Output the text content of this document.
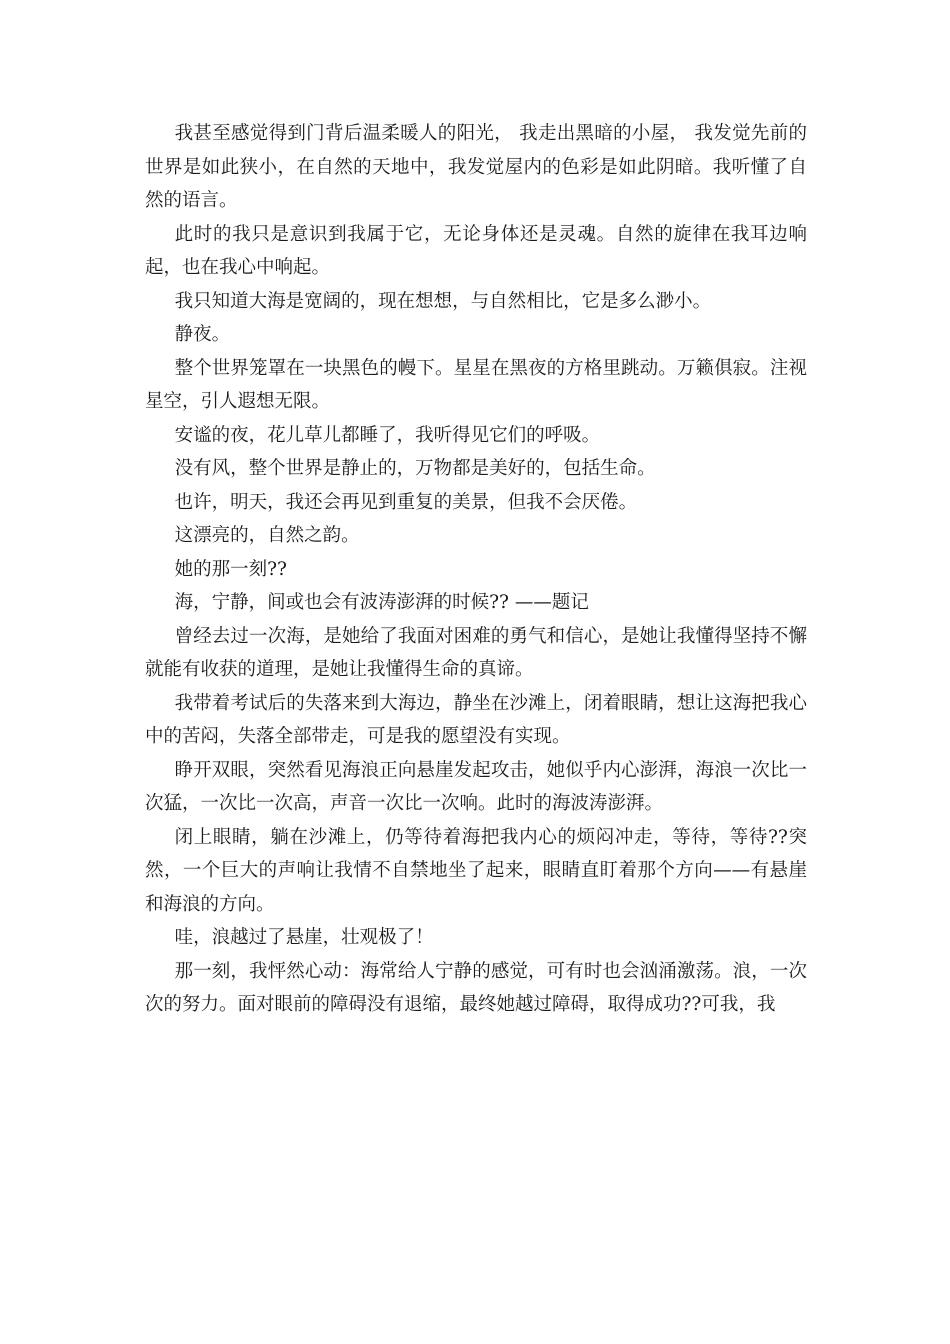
我甚至感觉得到门背后温柔暖人的阳光， 我走出黑暗的小屋， 我发觉先前的世界是如此狭小，在自然的天地中，我发觉屋内的色彩是如此阴暗。我听懂了自然的语言。

此时的我只是意识到我属于它，无论身体还是灵魂。自然的旋律在我耳边响起，也在我心中响起。

我只知道大海是宽阔的，现在想想，与自然相比，它是多么渺小。

静夜。

整个世界笼罩在一块黑色的幔下。星星在黑夜的方格里跳动。万籁俱寂。注视星空，引人遐想无限。

安谧的夜，花儿草儿都睡了，我听得见它们的呼吸。

没有风，整个世界是静止的，万物都是美好的，包括生命。

也许，明天，我还会再见到重复的美景，但我不会厌倦。

这漂亮的，自然之韵。

她的那一刻??

海，宁静，间或也会有波涛澎湃的时候?? ——题记

曾经去过一次海，是她给了我面对困难的勇气和信心，是她让我懂得坚持不懈就能有收获的道理，是她让我懂得生命的真谛。

我带着考试后的失落来到大海边，静坐在沙滩上，闭着眼睛，想让这海把我心中的苦闷，失落全部带走，可是我的愿望没有实现。

睁开双眼，突然看见海浪正向悬崖发起攻击，她似乎内心澎湃，海浪一次比一次猛，一次比一次高，声音一次比一次响。此时的海波涛澎湃。

闭上眼睛，躺在沙滩上，仍等待着海把我内心的烦闷冲走，等待，等待??突然，一个巨大的声响让我情不自禁地坐了起来，眼睛直盯着那个方向——有悬崖和海浪的方向。

哇，浪越过了悬崖，壮观极了！

那一刻，我怦然心动：海常给人宁静的感觉，可有时也会汹涌激荡。浪，一次次的努力。面对眼前的障碍没有退缩，最终她越过障碍，取得成功??可我，我
